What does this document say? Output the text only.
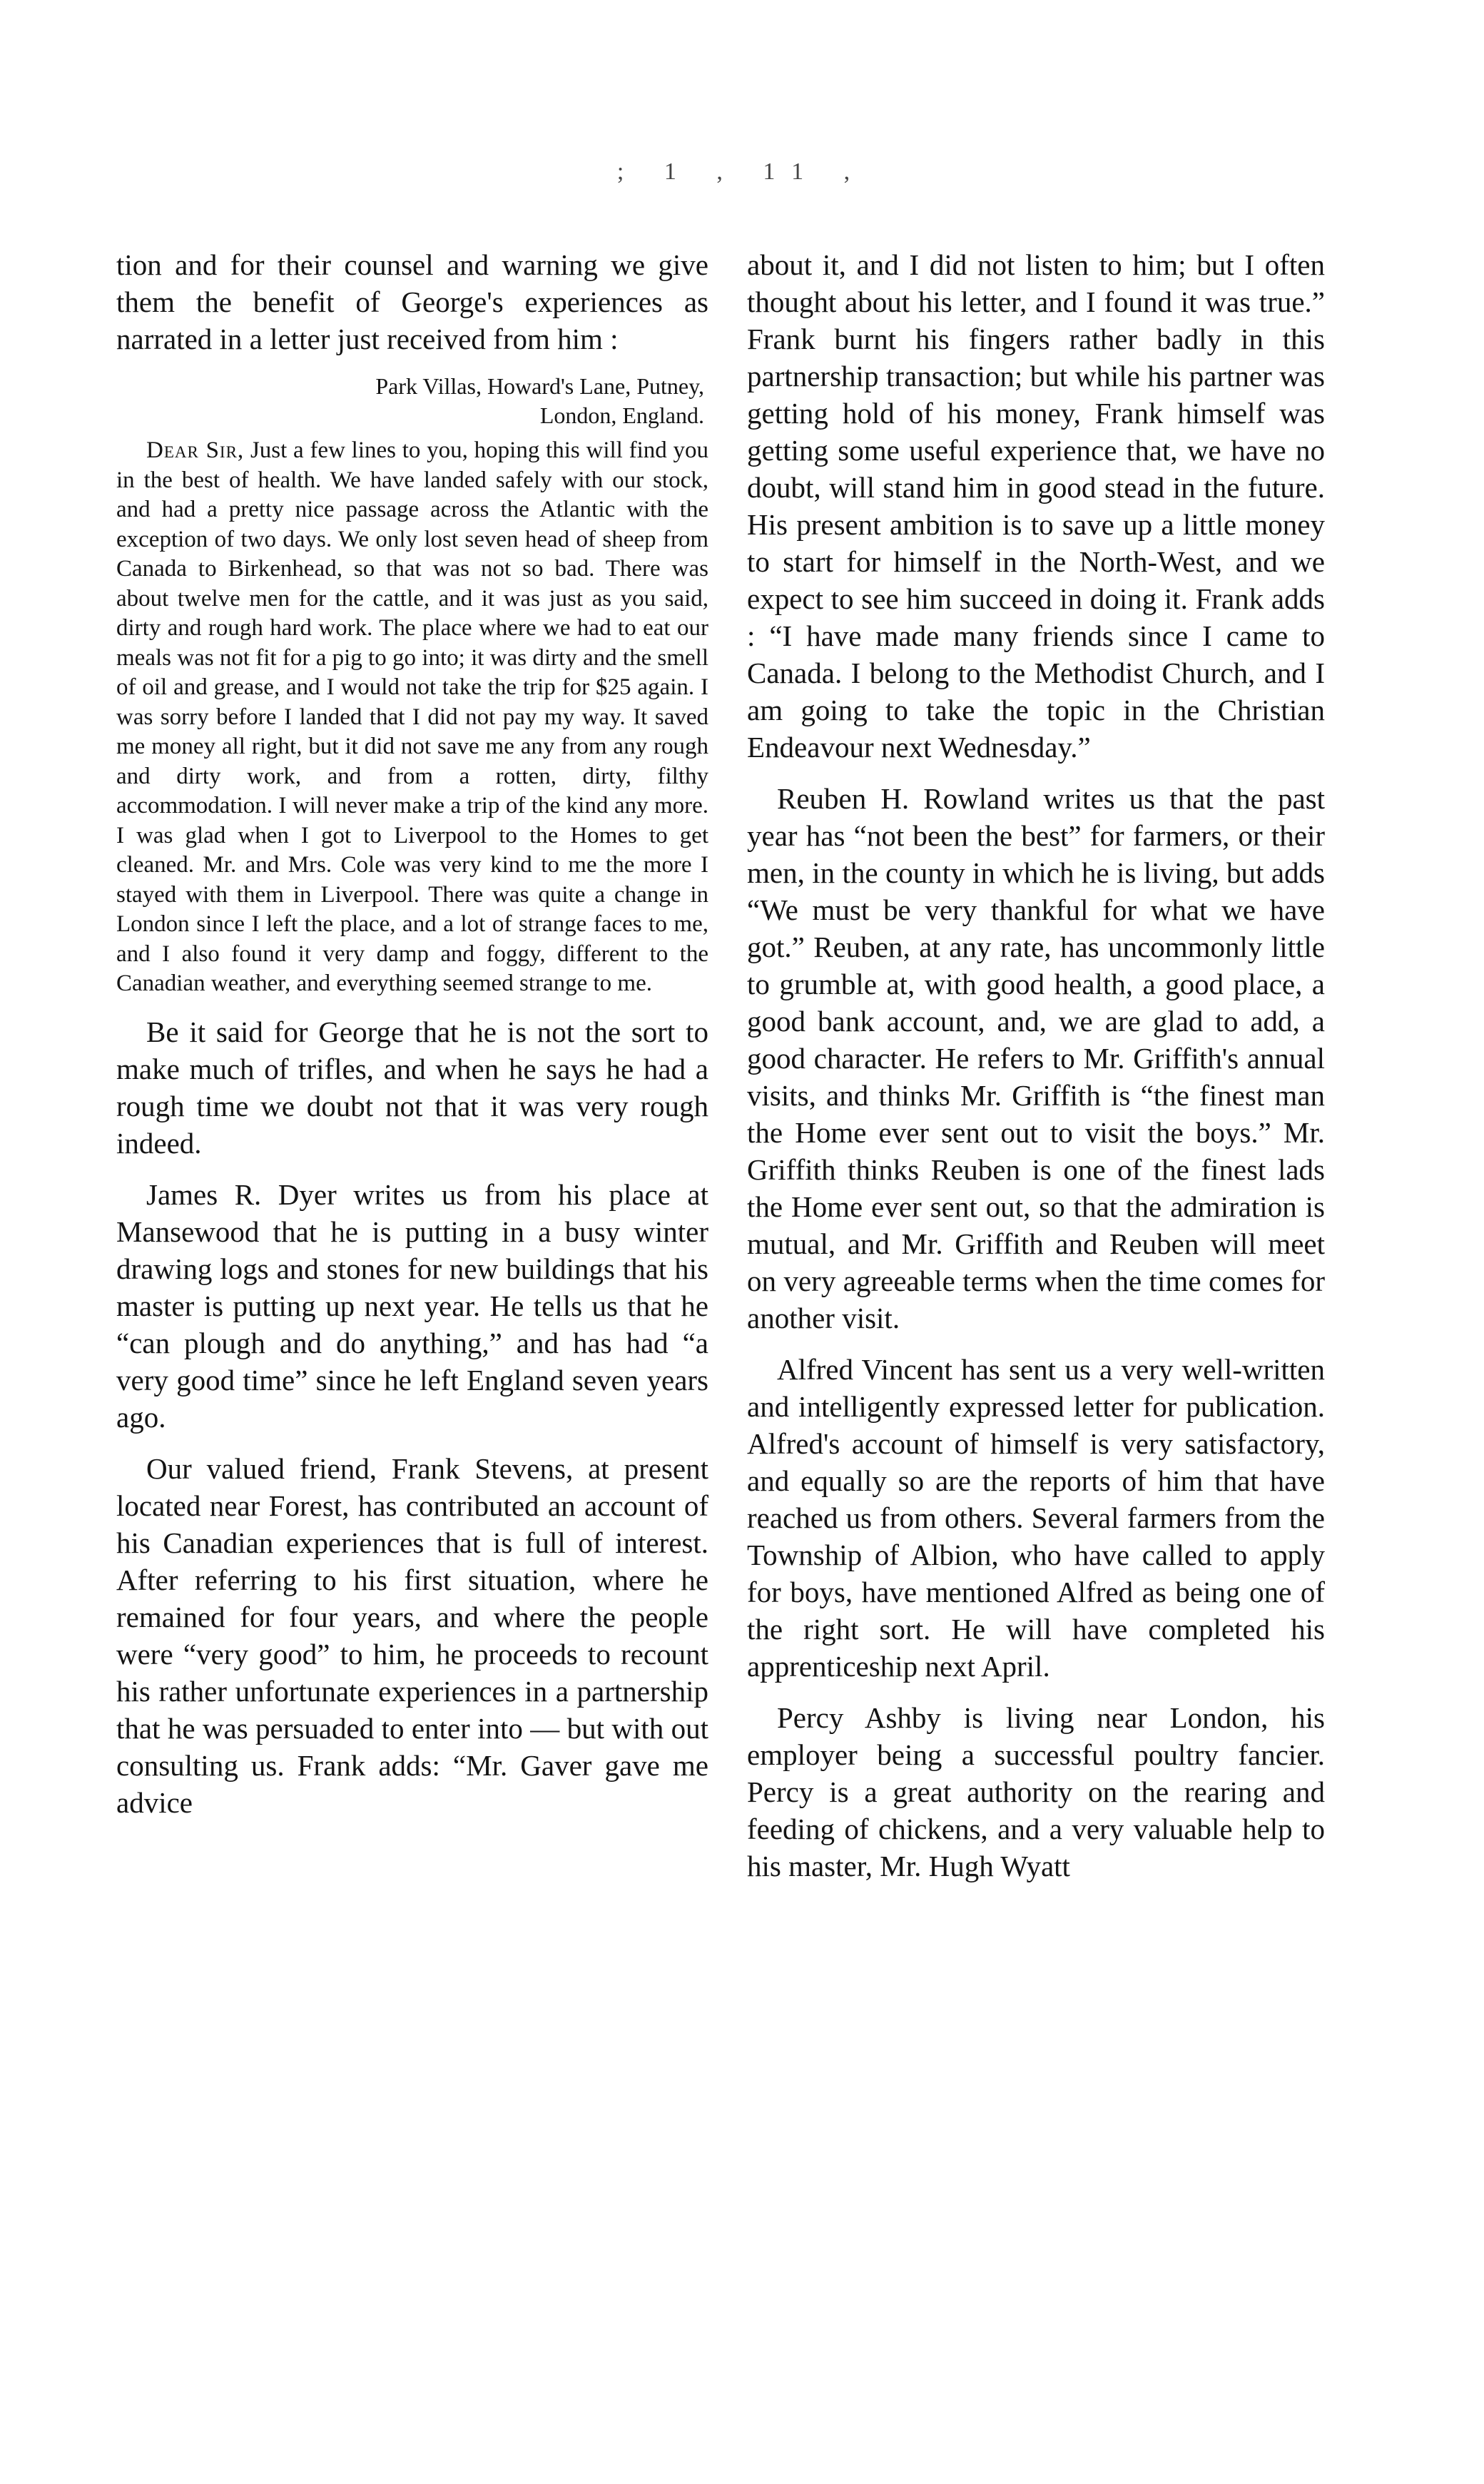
; 1 , 11 ,

tion and for their counsel and warning we give them the benefit of George's experiences as narrated in a letter just received from him :

Park Villas, Howard's Lane, Putney,
London, England.
Dear Sir, Just a few lines to you, hoping this will find you in the best of health. We have landed safely with our stock, and had a pretty nice passage across the Atlantic with the exception of two days. We only lost seven head of sheep from Canada to Birkenhead, so that was not so bad. There was about twelve men for the cattle, and it was just as you said, dirty and rough hard work. The place where we had to eat our meals was not fit for a pig to go into; it was dirty and the smell of oil and grease, and I would not take the trip for $25 again. I was sorry before I landed that I did not pay my way. It saved me money all right, but it did not save me any from any rough and dirty work, and from a rotten, dirty, filthy accommodation. I will never make a trip of the kind any more. I was glad when I got to Liverpool to the Homes to get cleaned. Mr. and Mrs. Cole was very kind to me the more I stayed with them in Liverpool. There was quite a change in London since I left the place, and a lot of strange faces to me, and I also found it very damp and foggy, different to the Canadian weather, and everything seemed strange to me.

Be it said for George that he is not the sort to make much of trifles, and when he says he had a rough time we doubt not that it was very rough indeed.

James R. Dyer writes us from his place at Mansewood that he is putting in a busy winter drawing logs and stones for new buildings that his master is putting up next year. He tells us that he “can plough and do anything,” and has had “a very good time” since he left England seven years ago.

Our valued friend, Frank Stevens, at present located near Forest, has contributed an account of his Canadian experiences that is full of interest. After referring to his first situation, where he remained for four years, and where the people were “very good” to him, he proceeds to recount his rather unfortunate experiences in a partnership that he was persuaded to enter into — but with out consulting us. Frank adds: “Mr. Gaver gave me advice

about it, and I did not listen to him; but I often thought about his letter, and I found it was true.” Frank burnt his fingers rather badly in this partnership transaction; but while his partner was getting hold of his money, Frank himself was getting some useful experience that, we have no doubt, will stand him in good stead in the future. His present ambition is to save up a little money to start for himself in the North-West, and we expect to see him succeed in doing it. Frank adds : “I have made many friends since I came to Canada. I belong to the Methodist Church, and I am going to take the topic in the Christian Endeavour next Wednesday.”

Reuben H. Rowland writes us that the past year has “not been the best” for farmers, or their men, in the county in which he is living, but adds “We must be very thankful for what we have got.” Reuben, at any rate, has uncommonly little to grumble at, with good health, a good place, a good bank account, and, we are glad to add, a good character. He refers to Mr. Griffith's annual visits, and thinks Mr. Griffith is “the finest man the Home ever sent out to visit the boys.” Mr. Griffith thinks Reuben is one of the finest lads the Home ever sent out, so that the admiration is mutual, and Mr. Griffith and Reuben will meet on very agreeable terms when the time comes for another visit.

Alfred Vincent has sent us a very well-written and intelligently expressed letter for publication. Alfred's account of himself is very satisfactory, and equally so are the reports of him that have reached us from others. Several farmers from the Township of Albion, who have called to apply for boys, have mentioned Alfred as being one of the right sort. He will have completed his apprenticeship next April.

Percy Ashby is living near London, his employer being a successful poultry fancier. Percy is a great authority on the rearing and feeding of chickens, and a very valuable help to his master, Mr. Hugh Wyatt
